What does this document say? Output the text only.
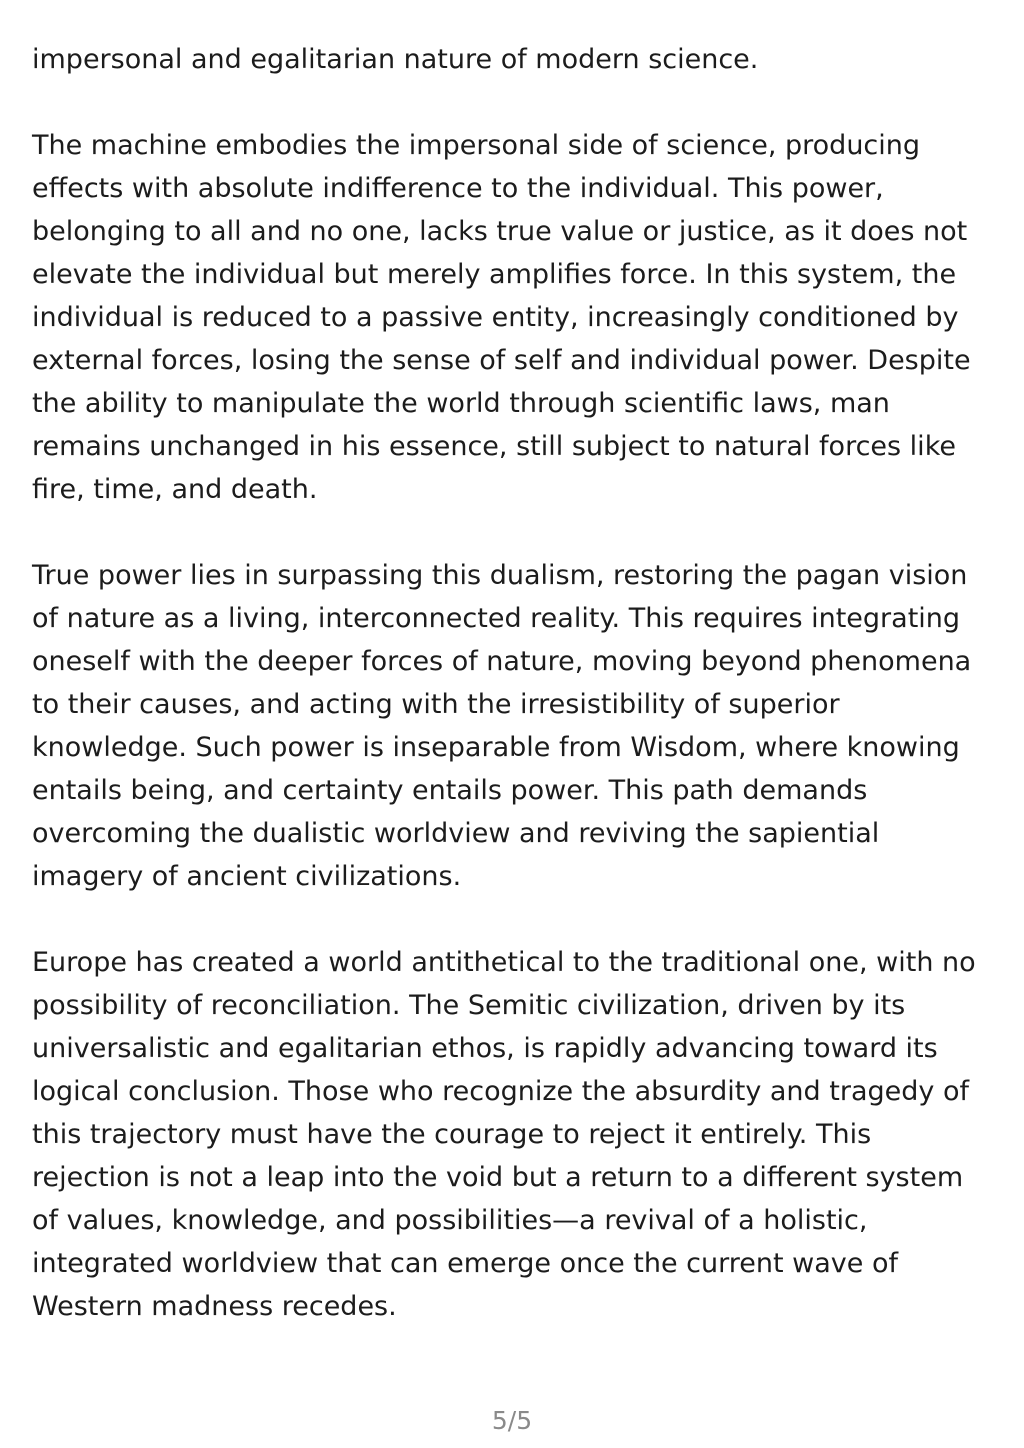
impersonal and egalitarian nature of modern science.
The machine embodies the impersonal side of science, producing
effects with absolute indifference to the individual. This power,
belonging to all and no one, lacks true value or justice, as it does not
elevate the individual but merely amplifies force. In this system, the
individual is reduced to a passive entity, increasingly conditioned by
external forces, losing the sense of self and individual power. Despite
the ability to manipulate the world through scientific laws, man
remains unchanged in his essence, still subject to natural forces like
fire, time, and death.
True power lies in surpassing this dualism, restoring the pagan vision
of nature as a living, interconnected reality. This requires integrating
oneself with the deeper forces of nature, moving beyond phenomena
to their causes, and acting with the irresistibility of superior
knowledge. Such power is inseparable from Wisdom, where knowing
entails being, and certainty entails power. This path demands
overcoming the dualistic worldview and reviving the sapiential
imagery of ancient civilizations.
Europe has created a world antithetical to the traditional one, with no
possibility of reconciliation. The Semitic civilization, driven by its
universalistic and egalitarian ethos, is rapidly advancing toward its
logical conclusion. Those who recognize the absurdity and tragedy of
this trajectory must have the courage to reject it entirely. This
rejection is not a leap into the void but a return to a different system
of values, knowledge, and possibilities—a revival of a holistic,
integrated worldview that can emerge once the current wave of
Western madness recedes.
5/5
